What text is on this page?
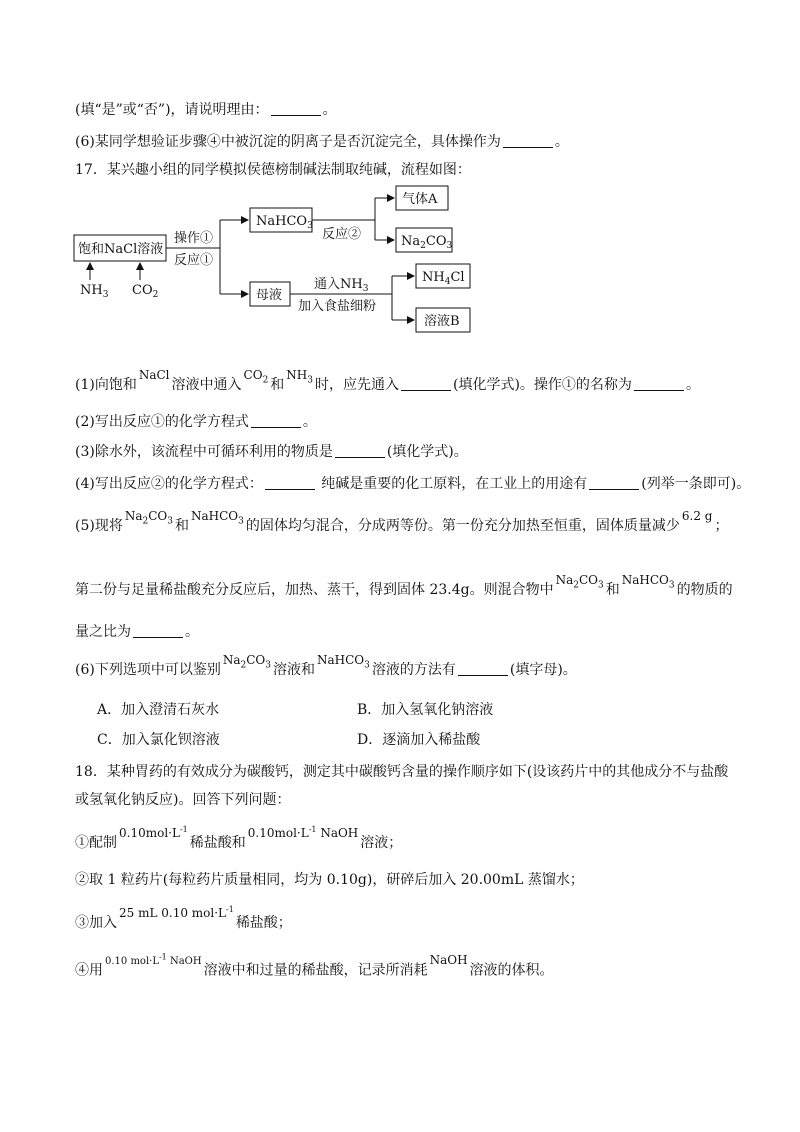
(填“是”或“否”)，请说明理由：	。
(6)某同学想验证步骤④中被沉淀的阴离子是否沉淀完全，具体操作为	。
17．某兴趣小组的同学模拟侯德榜制碱法制取纯碱，流程如图：
饱和NaCl溶液
$NH_3$ $CO_2$
操作①
反应①
NaHCO$_3$
反应②
气体A
$Na_2CO_3$
母液
通入$NH_3$
加入食盐细粉
$NH_4Cl$
溶液B
(1)向饱和NaCl溶液中通入$CO_2$ 和$NH_3$ 时，应先通入	(填化学式)。操作①的名称为	。
(2)写出反应①的化学方程式	。
(3)除水外，该流程中可循环利用的物质是	(填化学式)。
(4)写出反应②的化学方程式：	纯碱是重要的化工原料，在工业上的用途有	(列举一条即可)。
(5)现将$Na_2CO_3$ 和NaHCO$_3$ 的固体均匀混合，分成两等份。第一份充分加热至恒重，固体质量减少6.2 g；
第二份与足量稀盐酸充分反应后，加热、蒸干，得到固体 23.4g。则混合物中$Na_2CO_3$ 和NaHCO$_3$ 的物质的
量之比为	。
(6)下列选项中可以鉴别$Na_2CO_3$ 溶液和NaHCO$_3$ 溶液的方法有	(填字母)。
A．加入澄清石灰水	B．加入氢氧化钠溶液
C．加入氯化钡溶液	D．逐滴加入稀盐酸
18．某种胃药的有效成分为碳酸钙，测定其中碳酸钙含量的操作顺序如下(设该药片中的其他成分不与盐酸
或氢氧化钠反应)。回答下列问题：
①配制$0.10mol\cdot L^{-1}$稀盐酸和$0.10mol\cdot L^{-1}$ NaOH溶液；
②取 1 粒药片(每粒药片质量相同，均为 0.10g)，研碎后加入 20.00mL 蒸馏水；
③加入25 mL 0.10 $mol\cdot L^{-1}$稀盐酸；
④用$^{0.10 mol\cdot L^{-1} NaOH}$溶液中和过量的稀盐酸，记录所消耗NaOH溶液的体积。
